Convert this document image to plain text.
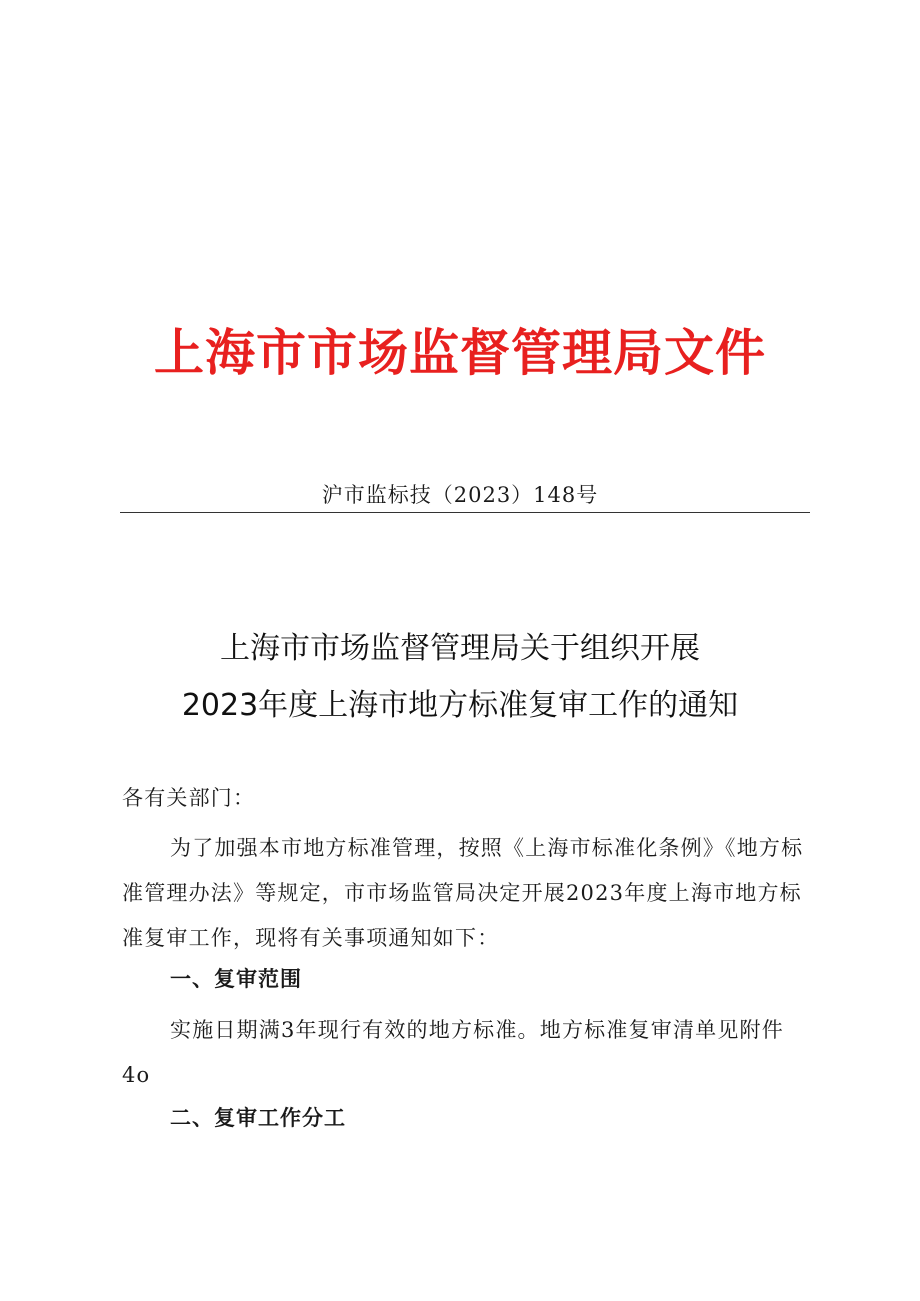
上海市市场监督管理局文件
沪市监标技（2023）148号
上海市市场监督管理局关于组织开展
2023年度上海市地方标准复审工作的通知
各有关部门：
为了加强本市地方标准管理，按照《上海市标准化条例》《地方标准管理办法》等规定，市市场监管局决定开展2023年度上海市地方标准复审工作，现将有关事项通知如下：
一、复审范围
实施日期满3年现行有效的地方标准。地方标准复审清单见附件4o
二、复审工作分工
